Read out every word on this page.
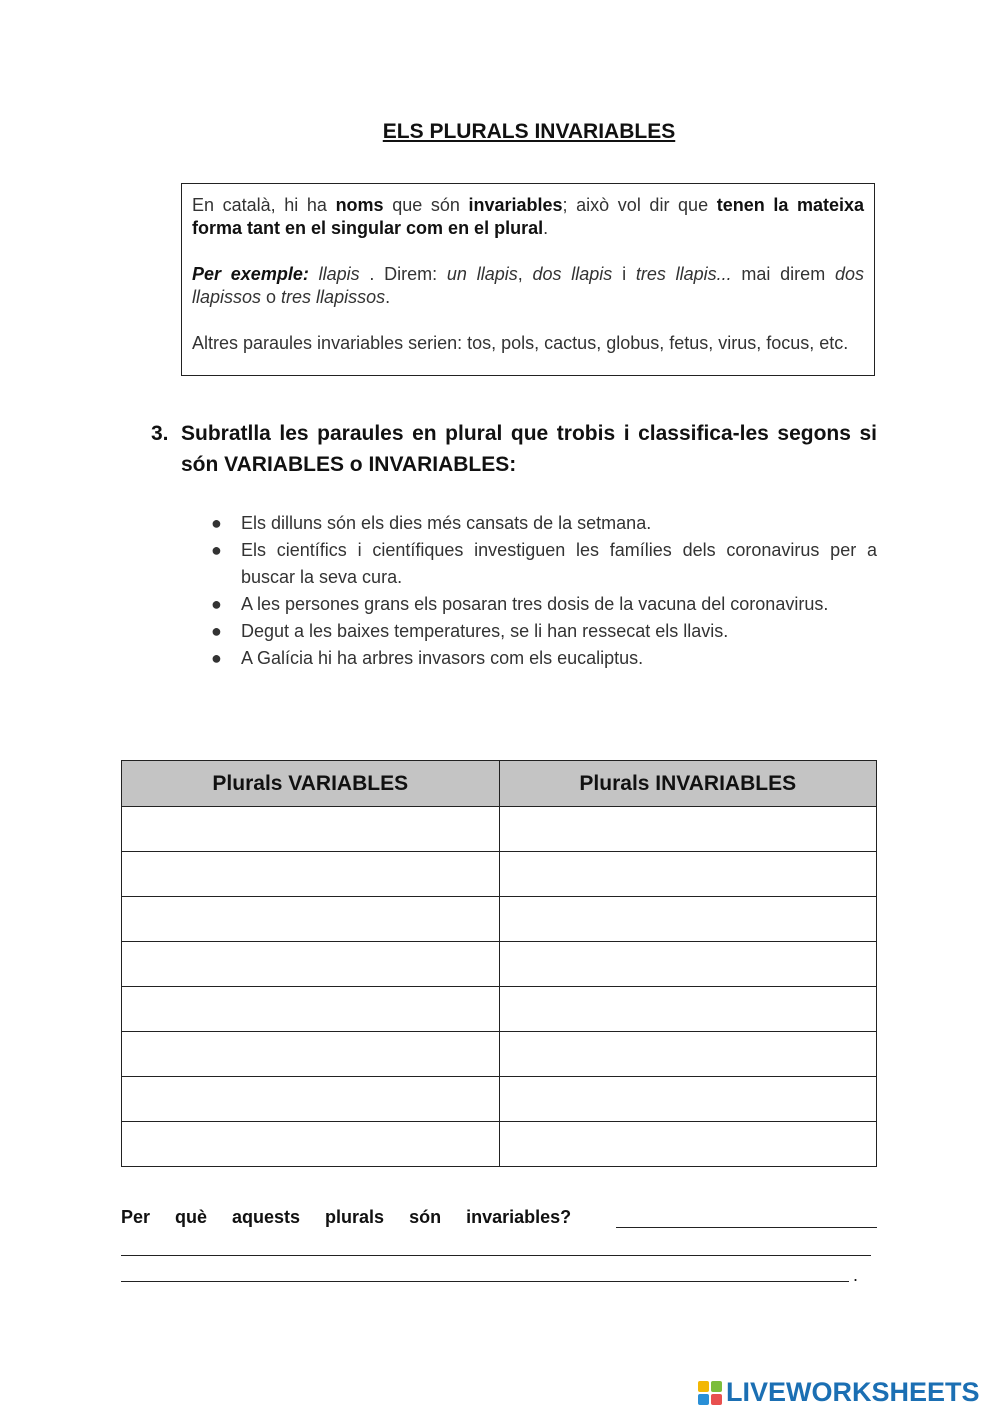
ELS PLURALS INVARIABLES

En català, hi ha noms que són invariables; això vol dir que tenen la mateixa forma tant en el singular com en el plural.

Per exemple: llapis . Direm: un llapis, dos llapis i tres llapis... mai direm dos llapissos o tres llapissos.

Altres paraules invariables serien: tos, pols, cactus, globus, fetus, virus, focus, etc.

3. Subratlla les paraules en plural que trobis i classifica-les segons si són VARIABLES o INVARIABLES:
●	Els dilluns són els dies més cansats de la setmana.
●	Els científics i científiques investiguen les famílies dels coronavirus per a buscar la seva cura.
●	A les persones grans els posaran tres dosis de la vacuna del coronavirus.
●	Degut a les baixes temperatures, se li han ressecat els llavis.
●	A Galícia hi ha arbres invasors com els eucaliptus.
Plurals VARIABLES	Plurals INVARIABLES

Per què aquests plurals són invariables?
.
LIVEWORKSHEETS
